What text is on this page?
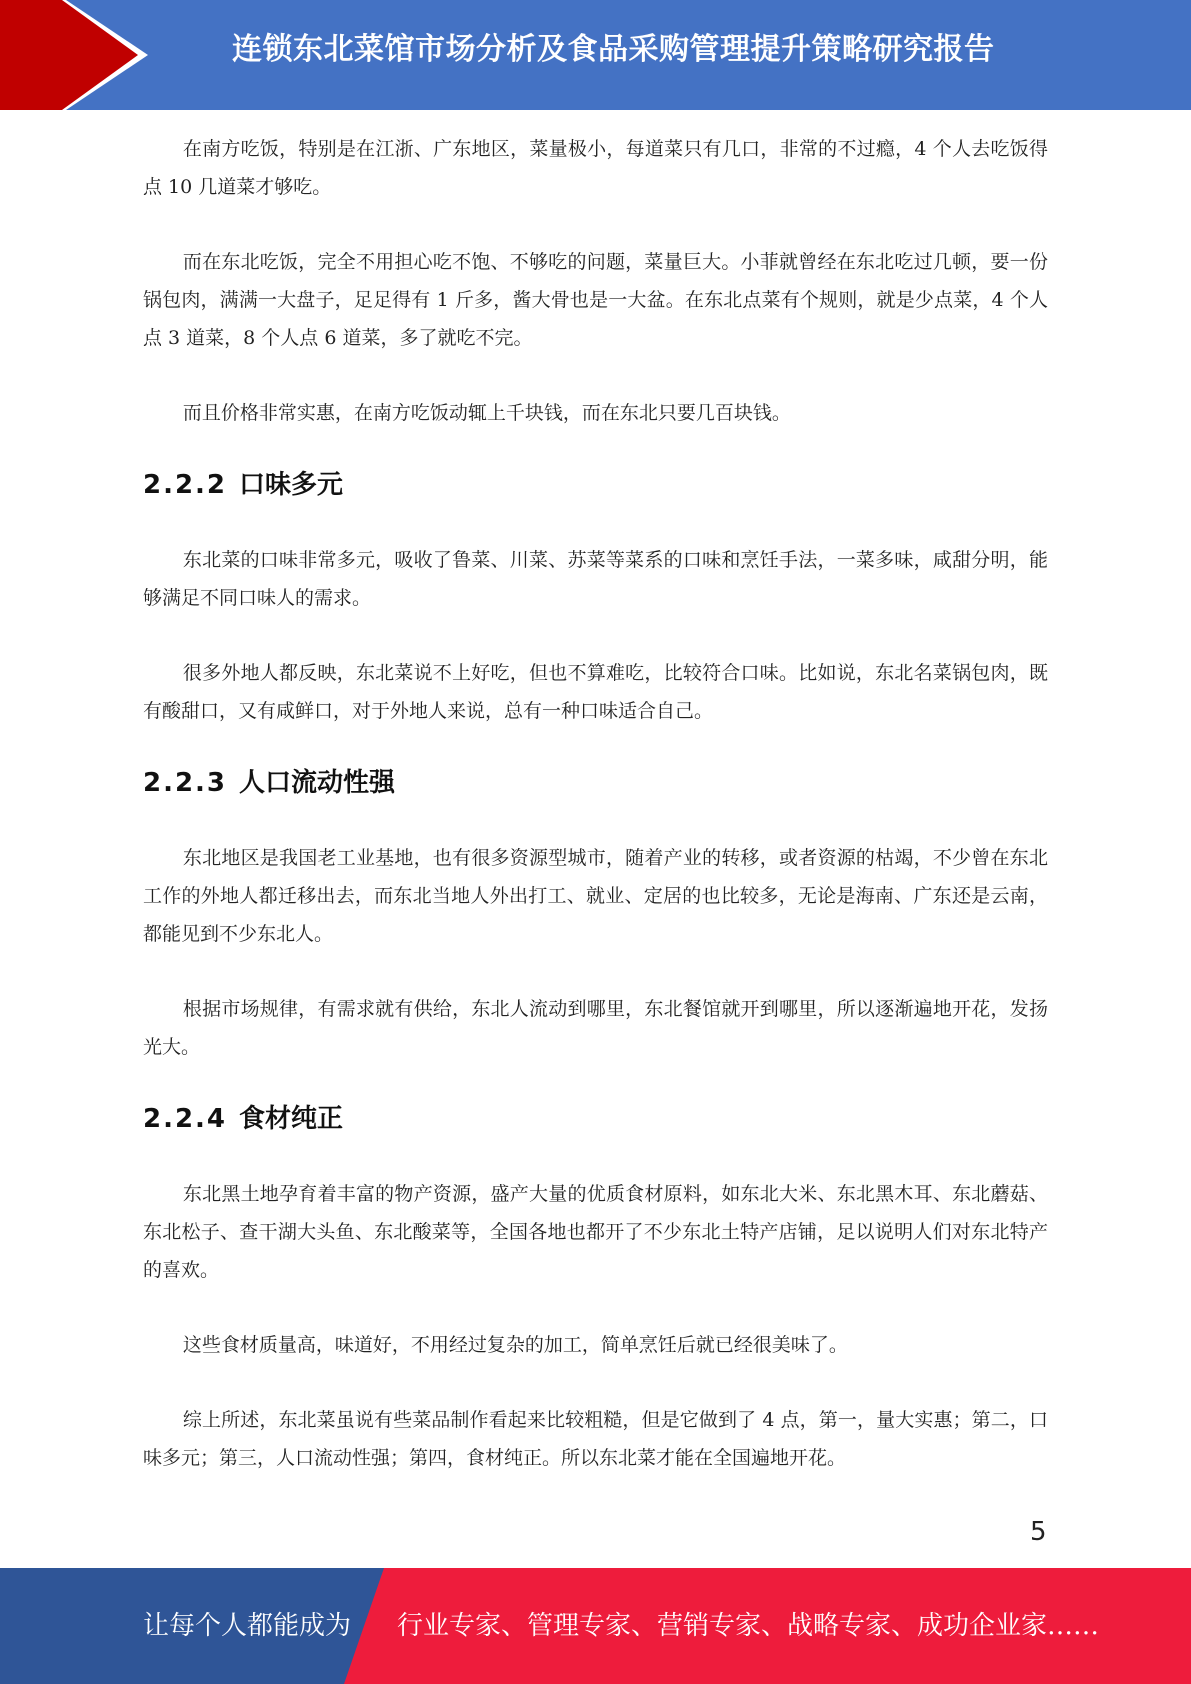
连锁东北菜馆市场分析及食品采购管理提升策略研究报告

在南方吃饭，特别是在江浙、广东地区，菜量极小，每道菜只有几口，非常的不过瘾，4 个人去吃饭得点 10 几道菜才够吃。

而在东北吃饭，完全不用担心吃不饱、不够吃的问题，菜量巨大。小菲就曾经在东北吃过几顿，要一份锅包肉，满满一大盘子，足足得有 1 斤多，酱大骨也是一大盆。在东北点菜有个规则，就是少点菜，4 个人点 3 道菜，8 个人点 6 道菜，多了就吃不完。

而且价格非常实惠，在南方吃饭动辄上千块钱，而在东北只要几百块钱。

2.2.2 口味多元

东北菜的口味非常多元，吸收了鲁菜、川菜、苏菜等菜系的口味和烹饪手法，一菜多味，咸甜分明，能够满足不同口味人的需求。

很多外地人都反映，东北菜说不上好吃，但也不算难吃，比较符合口味。比如说，东北名菜锅包肉，既有酸甜口，又有咸鲜口，对于外地人来说，总有一种口味适合自己。

2.2.3 人口流动性强

东北地区是我国老工业基地，也有很多资源型城市，随着产业的转移，或者资源的枯竭，不少曾在东北工作的外地人都迁移出去，而东北当地人外出打工、就业、定居的也比较多，无论是海南、广东还是云南，都能见到不少东北人。

根据市场规律，有需求就有供给，东北人流动到哪里，东北餐馆就开到哪里，所以逐渐遍地开花，发扬光大。

2.2.4 食材纯正

东北黑土地孕育着丰富的物产资源，盛产大量的优质食材原料，如东北大米、东北黑木耳、东北蘑菇、东北松子、查干湖大头鱼、东北酸菜等，全国各地也都开了不少东北土特产店铺，足以说明人们对东北特产的喜欢。

这些食材质量高，味道好，不用经过复杂的加工，简单烹饪后就已经很美味了。

综上所述，东北菜虽说有些菜品制作看起来比较粗糙，但是它做到了 4 点，第一，量大实惠；第二，口味多元；第三，人口流动性强；第四，食材纯正。所以东北菜才能在全国遍地开花。

5
让每个人都能成为 行业专家、管理专家、营销专家、战略专家、成功企业家……
